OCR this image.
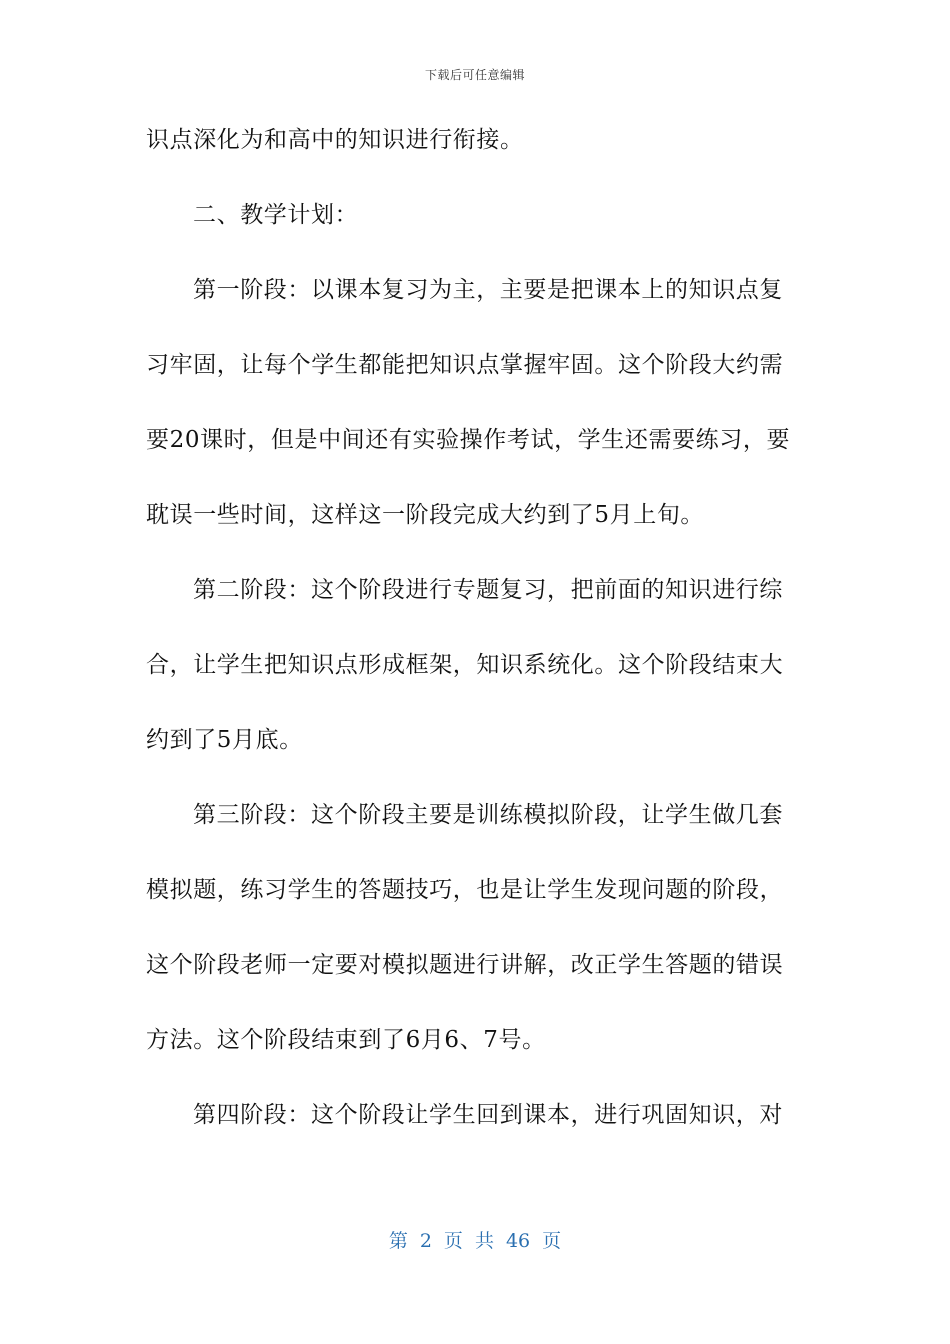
下载后可任意编辑
识点深化为和高中的知识进行衔接。
二、教学计划：
第一阶段：以课本复习为主，主要是把课本上的知识点复
习牢固，让每个学生都能把知识点掌握牢固。这个阶段大约需
要20课时，但是中间还有实验操作考试，学生还需要练习，要
耽误一些时间，这样这一阶段完成大约到了5月上旬。
第二阶段：这个阶段进行专题复习，把前面的知识进行综
合，让学生把知识点形成框架，知识系统化。这个阶段结束大
约到了5月底。
第三阶段：这个阶段主要是训练模拟阶段，让学生做几套
模拟题，练习学生的答题技巧，也是让学生发现问题的阶段，
这个阶段老师一定要对模拟题进行讲解，改正学生答题的错误
方法。这个阶段结束到了6月6、7号。
第四阶段：这个阶段让学生回到课本，进行巩固知识，对
第 2 页 共 46 页
